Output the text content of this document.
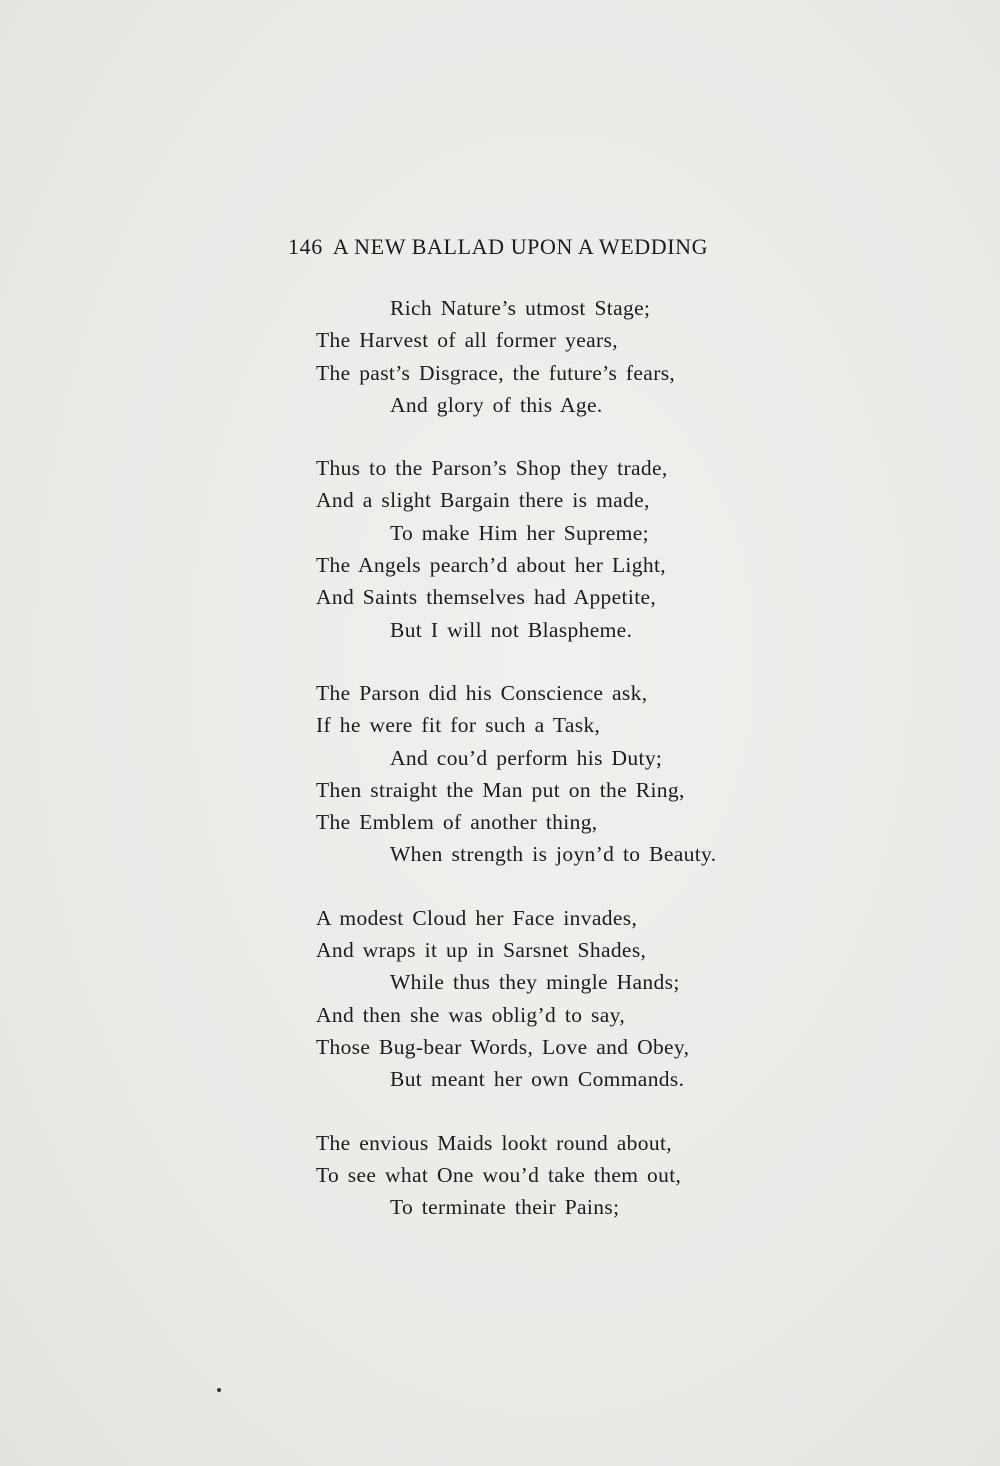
146 A NEW BALLAD UPON A WEDDING
Rich Nature’s utmost Stage;
The Harvest of all former years,
The past’s Disgrace, the future’s fears,
And glory of this Age.
Thus to the Parson’s Shop they trade,
And a slight Bargain there is made,
To make Him her Supreme;
The Angels pearch’d about her Light,
And Saints themselves had Appetite,
But I will not Blaspheme.
The Parson did his Conscience ask,
If he were fit for such a Task,
And cou’d perform his Duty;
Then straight the Man put on the Ring,
The Emblem of another thing,
When strength is joyn’d to Beauty.
A modest Cloud her Face invades,
And wraps it up in Sarsnet Shades,
While thus they mingle Hands;
And then she was oblig’d to say,
Those Bug-bear Words, Love and Obey,
But meant her own Commands.
The envious Maids lookt round about,
To see what One wou’d take them out,
To terminate their Pains;
